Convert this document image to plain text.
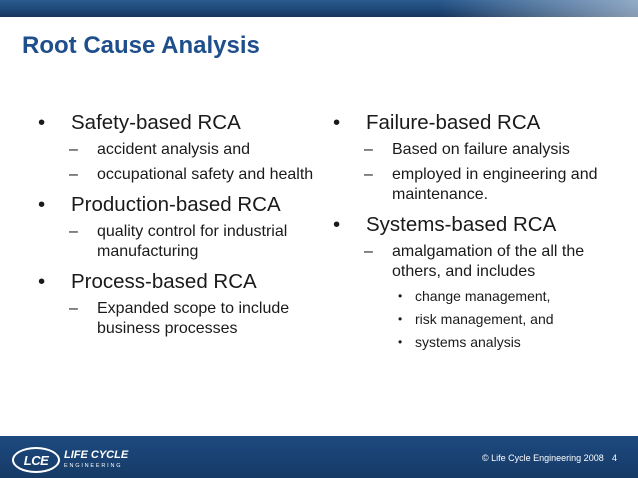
Root Cause Analysis
• Safety-based RCA
– accident analysis and
– occupational safety and health
• Production-based RCA
– quality control for industrial manufacturing
• Process-based RCA
– Expanded scope to include business processes
• Failure-based RCA
– Based on failure analysis
– employed in engineering and maintenance.
• Systems-based RCA
– amalgamation of the all the others, and includes
• change management,
• risk management, and
• systems analysis
LCE	LIFE CYCLE
ENGINEERING
© Life Cycle Engineering 2008 4
